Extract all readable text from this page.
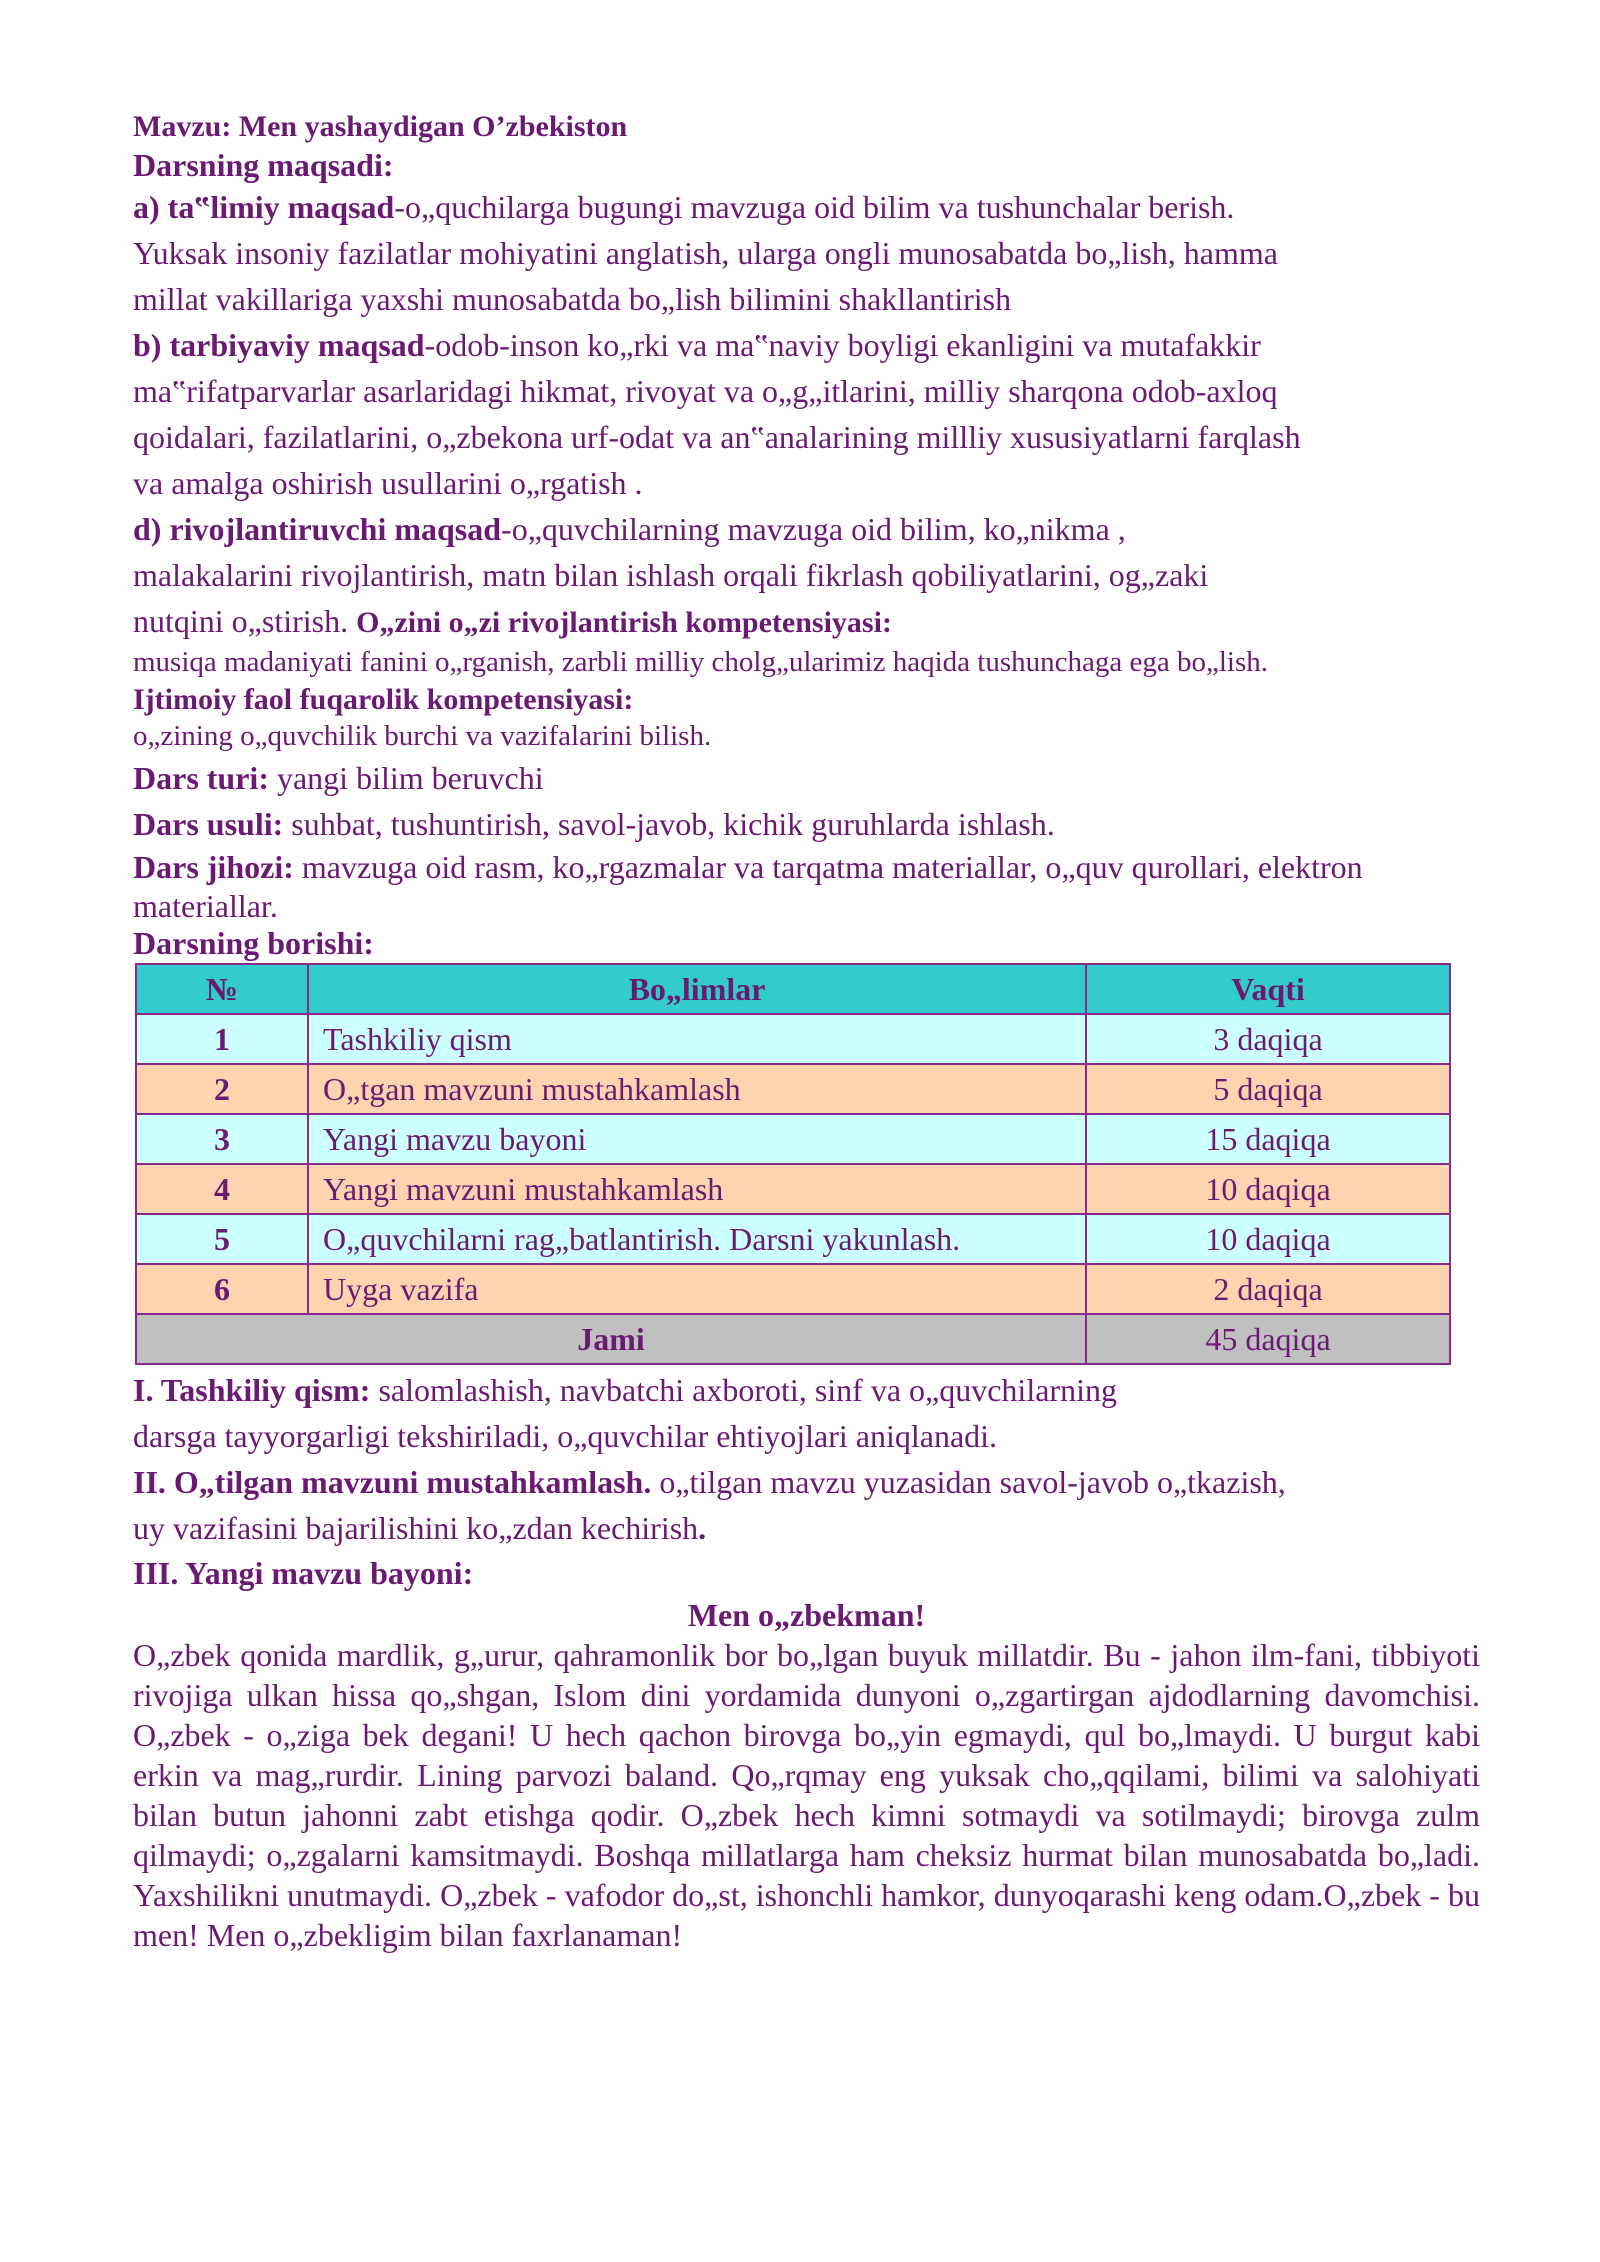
Mavzu: Men yashaydigan O’zbekiston

Darsning maqsadi:

a) ta‟limiy maqsad-o„quchilarga bugungi mavzuga oid bilim va tushunchalar berish.

Yuksak insoniy fazilatlar mohiyatini anglatish, ularga ongli munosabatda bo„lish, hamma

millat vakillariga yaxshi munosabatda bo„lish bilimini shakllantirish

b) tarbiyaviy maqsad-odob-inson ko„rki va ma‟naviy boyligi ekanligini va mutafakkir

ma‟rifatparvarlar asarlaridagi hikmat, rivoyat va o„g„itlarini, milliy sharqona odob-axloq

qoidalari, fazilatlarini, o„zbekona urf-odat va an‟analarining millliy xususiyatlarni farqlash

va amalga oshirish usullarini o„rgatish .

d) rivojlantiruvchi maqsad-o„quvchilarning mavzuga oid bilim, ko„nikma ,

malakalarini rivojlantirish, matn bilan ishlash orqali fikrlash qobiliyatlarini, og„zaki

nutqini o„stirish. O„zini o„zi rivojlantirish kompetensiyasi:

musiqa madaniyati fanini o„rganish, zarbli milliy cholg„ularimiz haqida tushunchaga ega bo„lish.

Ijtimoiy faol fuqarolik kompetensiyasi:

o„zining o„quvchilik burchi va vazifalarini bilish.

Dars turi: yangi bilim beruvchi

Dars usuli: suhbat, tushuntirish, savol-javob, kichik guruhlarda ishlash.

Dars jihozi: mavzuga oid rasm, ko„rgazmalar va tarqatma materiallar, o„quv qurollari, elektron

materiallar.

Darsning borishi:

№	Bo„limlar	Vaqti
1	Tashkiliy qism	3 daqiqa
2	O„tgan mavzuni mustahkamlash	5 daqiqa
3	Yangi mavzu bayoni	15 daqiqa
4	Yangi mavzuni mustahkamlash	10 daqiqa
5	O„quvchilarni rag„batlantirish. Darsni yakunlash.	10 daqiqa
6	Uyga vazifa	2 daqiqa
Jami		45 daqiqa

I. Tashkiliy qism: salomlashish, navbatchi axboroti, sinf va o„quvchilarning

darsga tayyorgarligi tekshiriladi, o„quvchilar ehtiyojlari aniqlanadi.

II. O„tilgan mavzuni mustahkamlash. o„tilgan mavzu yuzasidan savol-javob o„tkazish,

uy vazifasini bajarilishini ko„zdan kechirish.

III. Yangi mavzu bayoni:

Men o„zbekman!

O„zbek qonida mardlik, g„urur, qahramonlik bor bo„lgan buyuk millatdir. Bu - jahon ilm-fani, tibbiyoti rivojiga ulkan hissa qo„shgan, Islom dini yordamida dunyoni o„zgartirgan ajdodlarning davomchisi. O„zbek - o„ziga bek degani! U hech qachon birovga bo„yin egmaydi, qul bo„lmaydi. U burgut kabi erkin va mag„rurdir. Lining parvozi baland. Qo„rqmay eng yuksak cho„qqilami, bilimi va salohiyati bilan butun jahonni zabt etishga qodir. O„zbek hech kimni sotmaydi va sotilmaydi; birovga zulm qilmaydi; o„zgalarni kamsitmaydi. Boshqa millatlarga ham cheksiz hurmat bilan munosabatda bo„ladi. Yaxshilikni unutmaydi. O„zbek - vafodor do„st, ishonchli hamkor, dunyoqarashi keng odam.O„zbek - bu men! Men o„zbekligim bilan faxrlanaman!
